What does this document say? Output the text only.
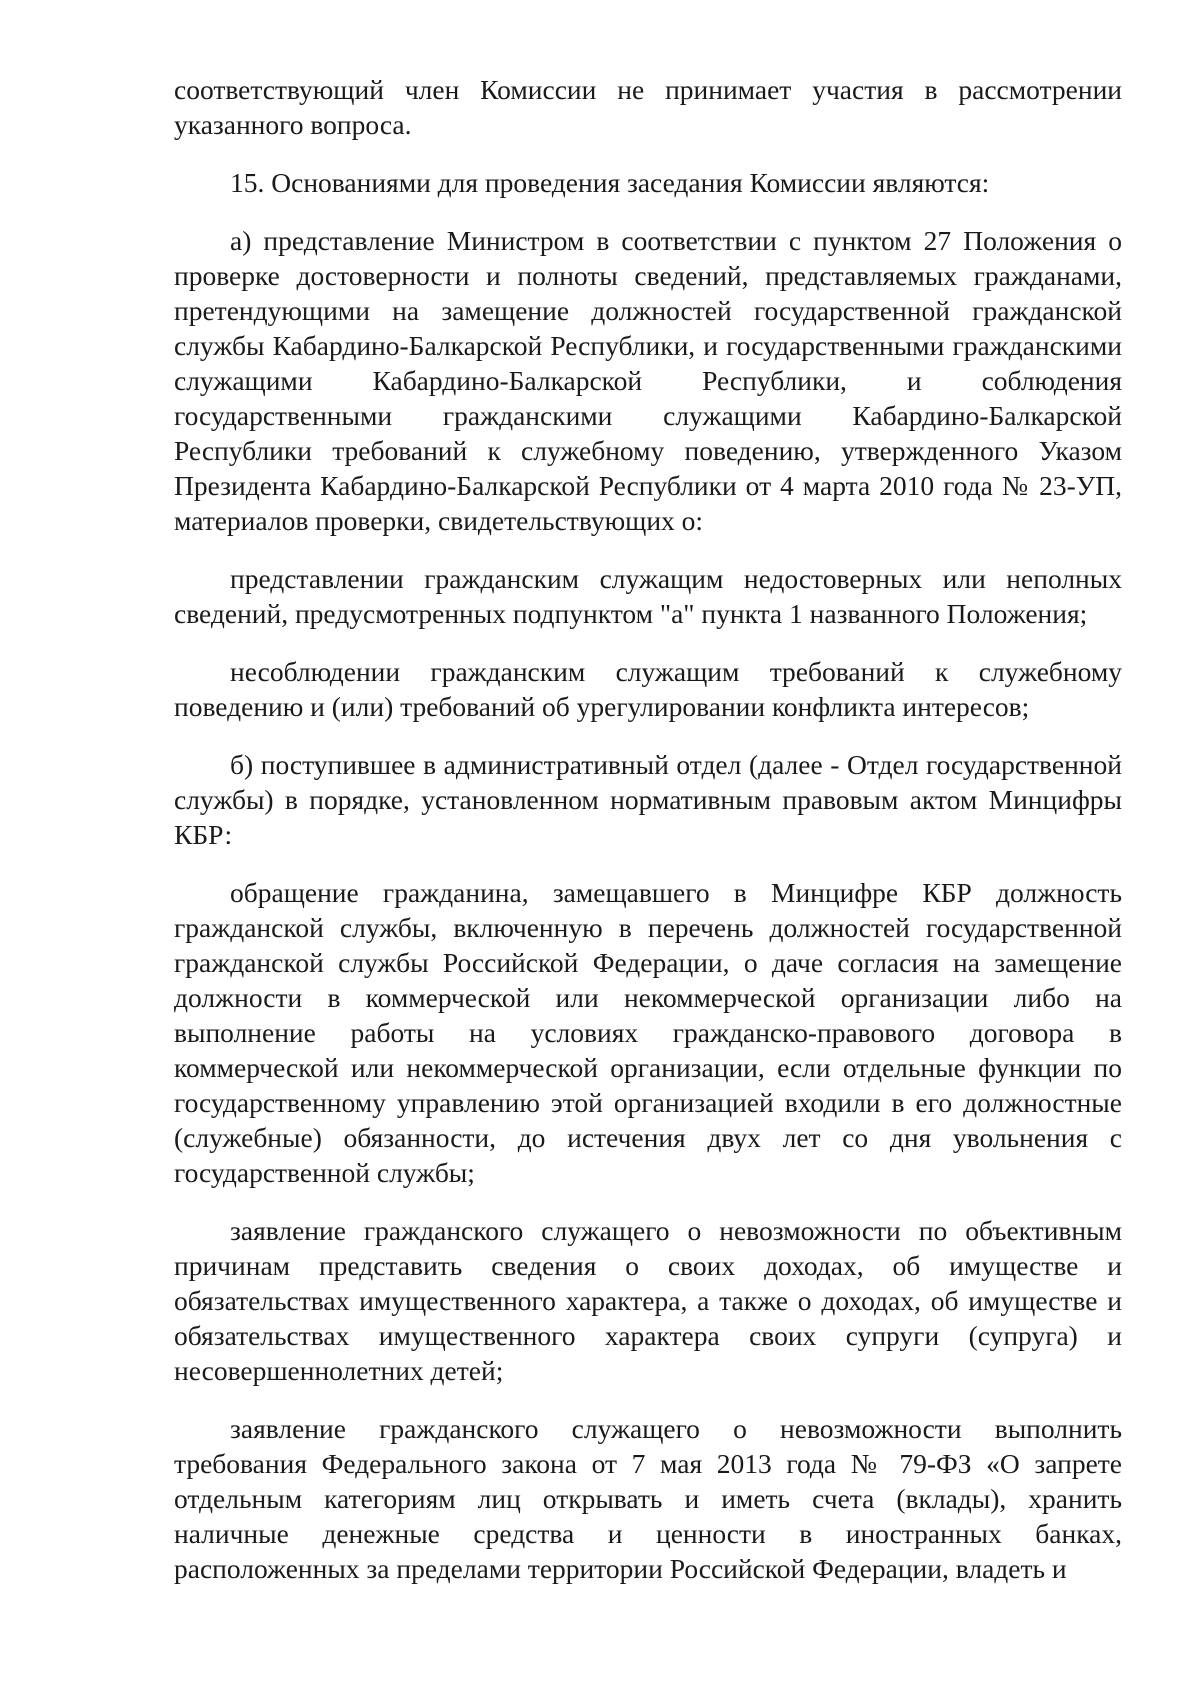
соответствующий член Комиссии не принимает участия в рассмотрении указанного вопроса.

15. Основаниями для проведения заседания Комиссии являются:

а) представление Министром в соответствии с пунктом 27 Положения о проверке достоверности и полноты сведений, представляемых гражданами, претендующими на замещение должностей государственной гражданской службы Кабардино-Балкарской Республики, и государственными гражданскими служащими Кабардино-Балкарской Республики, и соблюдения государственными гражданскими служащими Кабардино-Балкарской Республики требований к служебному поведению, утвержденного Указом Президента Кабардино-Балкарской Республики от 4 марта 2010 года № 23-УП, материалов проверки, свидетельствующих о:

представлении гражданским служащим недостоверных или неполных сведений, предусмотренных подпунктом "а" пункта 1 названного Положения;

несоблюдении гражданским служащим требований к служебному поведению и (или) требований об урегулировании конфликта интересов;

б) поступившее в административный отдел (далее - Отдел государственной службы) в порядке, установленном нормативным правовым актом Минцифры КБР:

обращение гражданина, замещавшего в Минцифре КБР должность гражданской службы, включенную в перечень должностей государственной гражданской службы Российской Федерации, о даче согласия на замещение должности в коммерческой или некоммерческой организации либо на выполнение работы на условиях гражданско-правового договора в коммерческой или некоммерческой организации, если отдельные функции по государственному управлению этой организацией входили в его должностные (служебные) обязанности, до истечения двух лет со дня увольнения с государственной службы;

заявление гражданского служащего о невозможности по объективным причинам представить сведения о своих доходах, об имуществе и обязательствах имущественного характера, а также о доходах, об имуществе и обязательствах имущественного характера своих супруги (супруга) и несовершеннолетних детей;

заявление гражданского служащего о невозможности выполнить требования Федерального закона от 7 мая 2013 года № 79-ФЗ «О запрете отдельным категориям лиц открывать и иметь счета (вклады), хранить наличные денежные средства и ценности в иностранных банках, расположенных за пределами территории Российской Федерации, владеть и
